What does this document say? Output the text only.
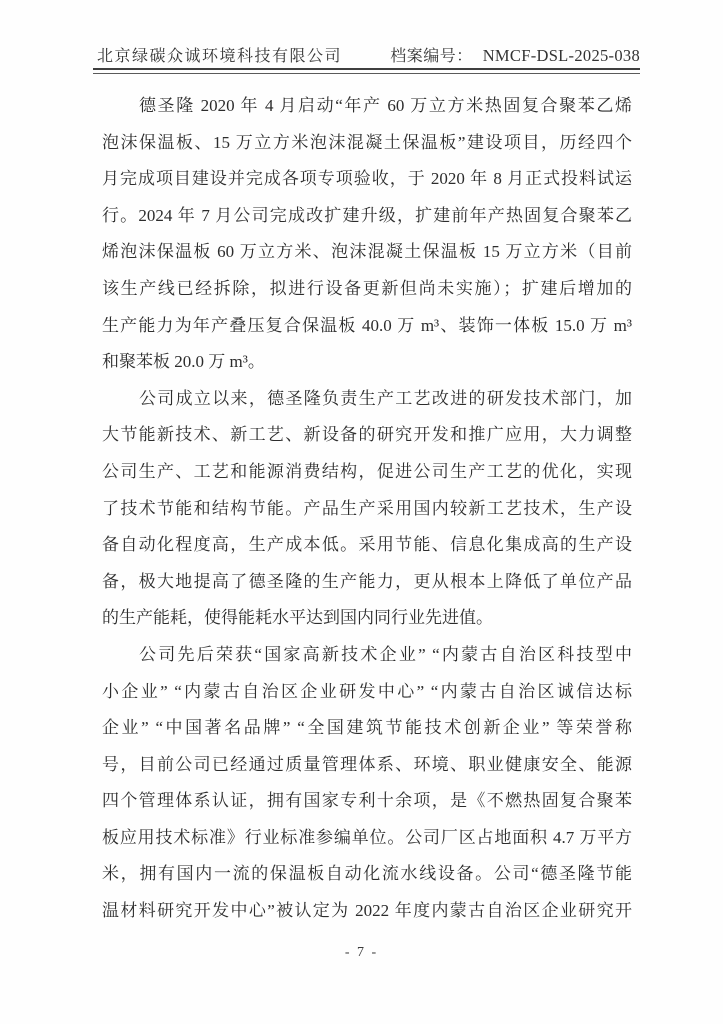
北京绿碳众诚环境科技有限公司	档案编号： NMCF-DSL-2025-038
德圣隆 2020 年 4 月启动“年产 60 万立方米热固复合聚苯乙烯
泡沫保温板、15 万立方米泡沫混凝土保温板”建设项目，历经四个
月完成项目建设并完成各项专项验收，于 2020 年 8 月正式投料试运
行。2024 年 7 月公司完成改扩建升级，扩建前年产热固复合聚苯乙
烯泡沫保温板 60 万立方米、泡沫混凝土保温板 15 万立方米（目前
该生产线已经拆除，拟进行设备更新但尚未实施）；扩建后增加的
生产能力为年产叠压复合保温板 40.0 万 m³、装饰一体板 15.0 万 m³
和聚苯板 20.0 万 m³。
公司成立以来，德圣隆负责生产工艺改进的研发技术部门，加
大节能新技术、新工艺、新设备的研究开发和推广应用，大力调整
公司生产、工艺和能源消费结构，促进公司生产工艺的优化，实现
了技术节能和结构节能。产品生产采用国内较新工艺技术，生产设
备自动化程度高，生产成本低。采用节能、信息化集成高的生产设
备，极大地提高了德圣隆的生产能力，更从根本上降低了单位产品
的生产能耗，使得能耗水平达到国内同行业先进值。
公司先后荣获“国家高新技术企业” “内蒙古自治区科技型中
小企业” “内蒙古自治区企业研发中心” “内蒙古自治区诚信达标
企业” “中国著名品牌” “全国建筑节能技术创新企业” 等荣誉称
号，目前公司已经通过质量管理体系、环境、职业健康安全、能源
四个管理体系认证，拥有国家专利十余项，是《不燃热固复合聚苯
板应用技术标准》行业标准参编单位。公司厂区占地面积 4.7 万平方
米，拥有国内一流的保温板自动化流水线设备。公司“德圣隆节能
温材料研究开发中心”被认定为 2022 年度内蒙古自治区企业研究开
- 7 -
